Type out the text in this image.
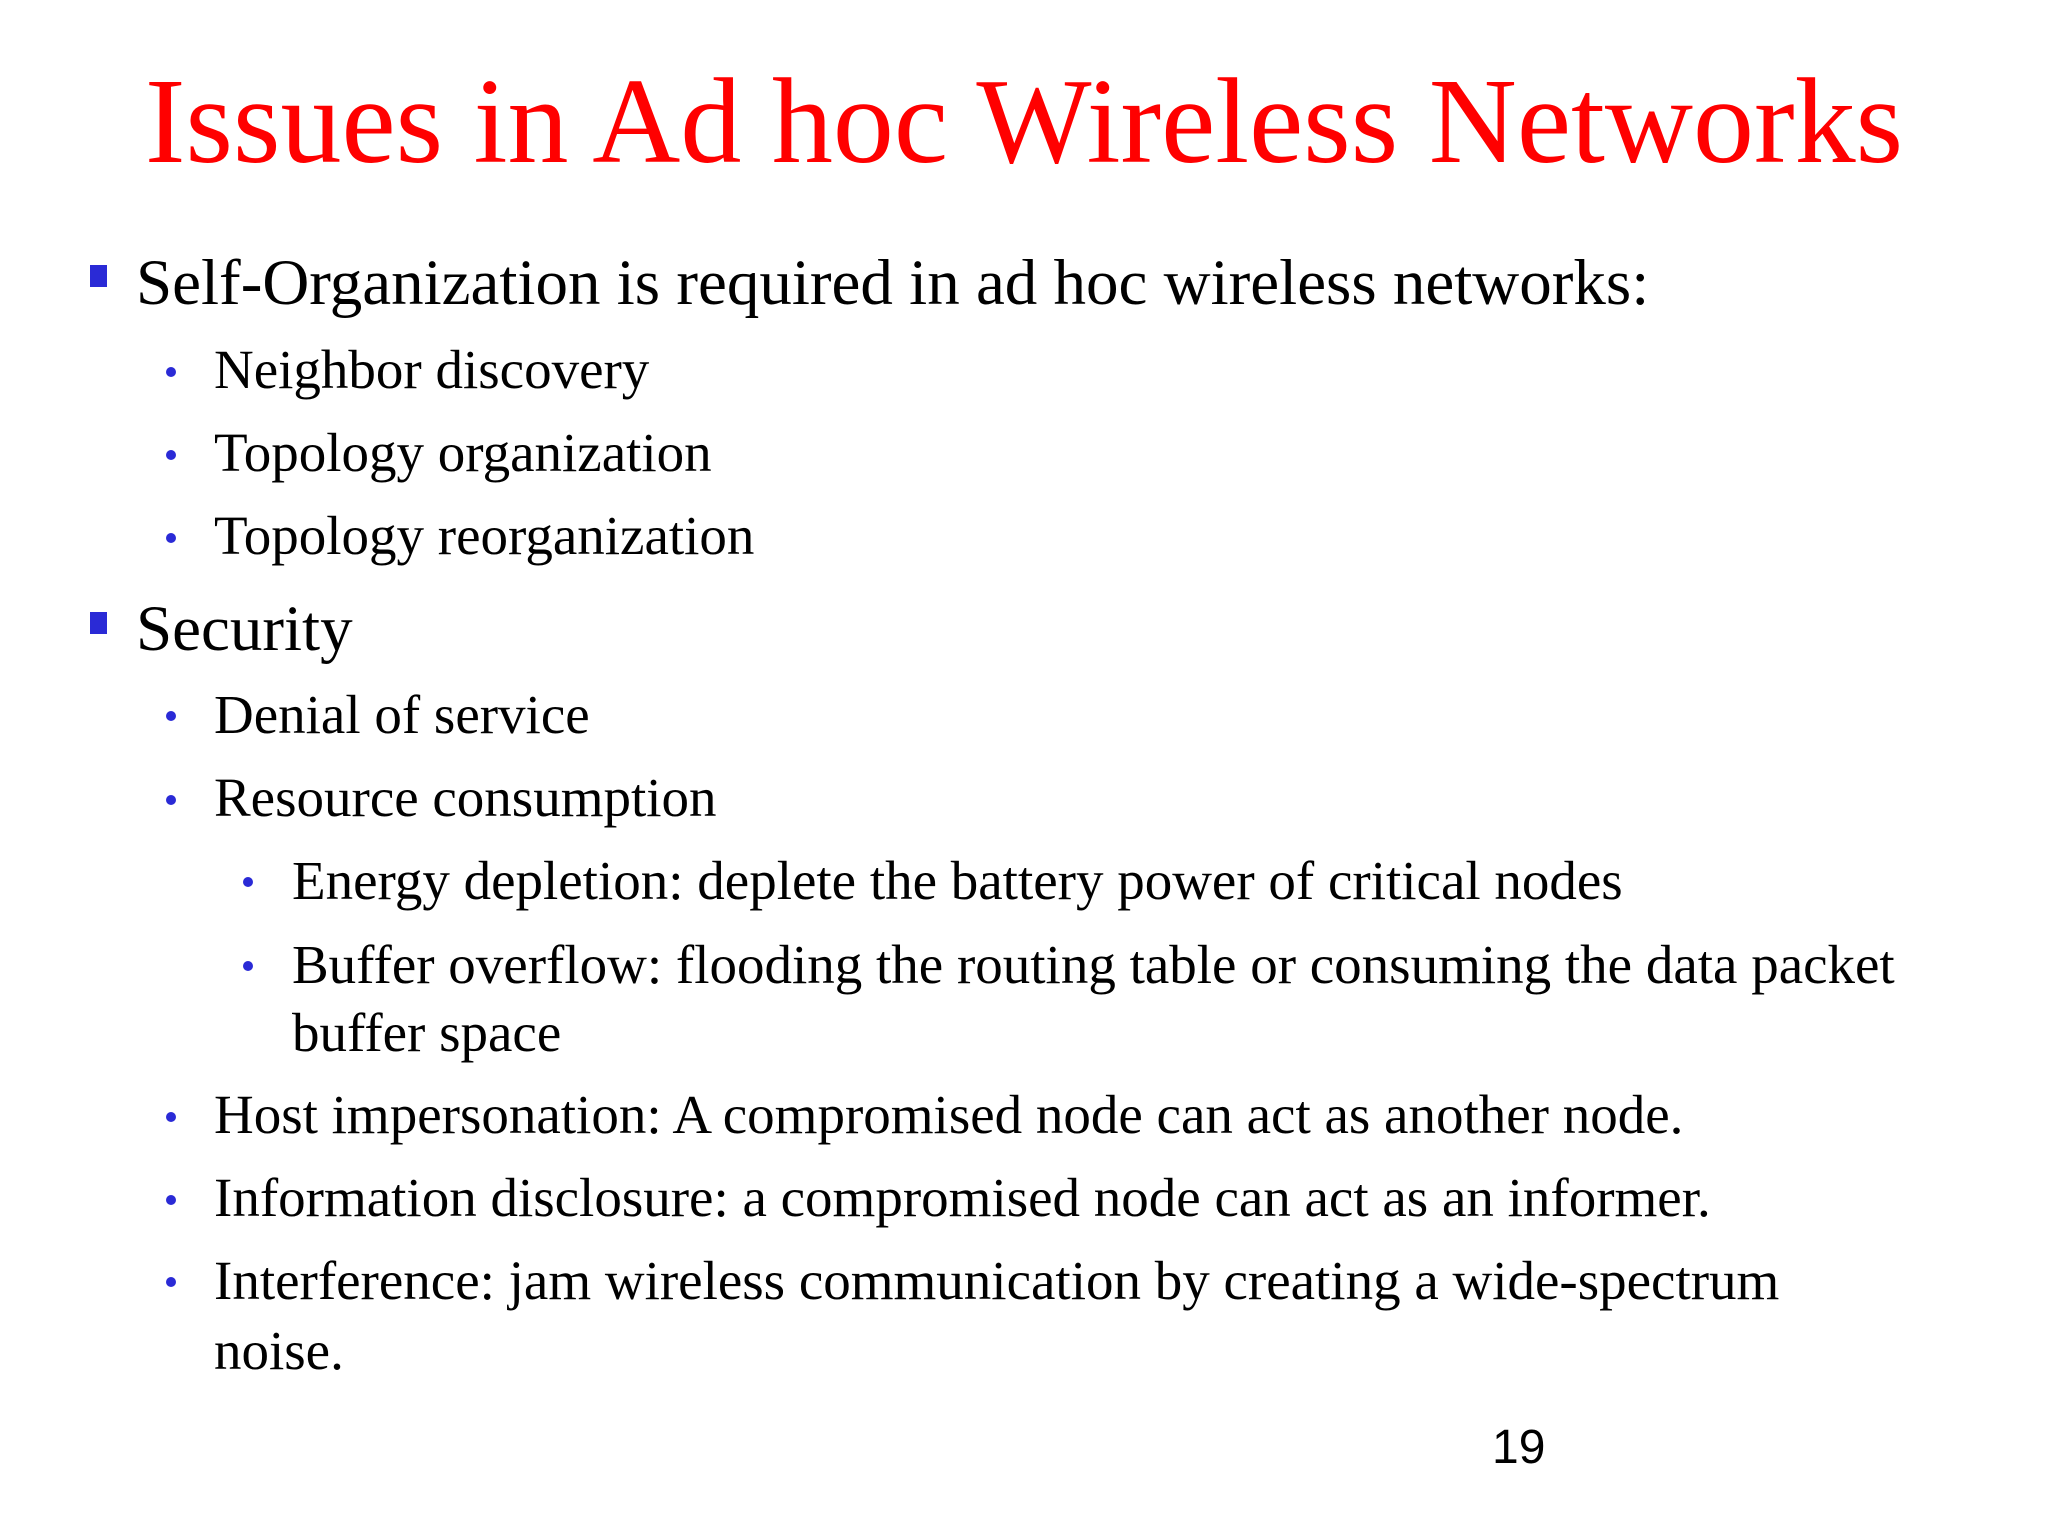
Issues in Ad hoc Wireless Networks
Self-Organization is required in ad hoc wireless networks:
Neighbor discovery
Topology organization
Topology reorganization
Security
Denial of service
Resource consumption
Energy depletion: deplete the battery power of critical nodes
Buffer overflow: flooding the routing table or consuming the data packet
buffer space
Host impersonation: A compromised node can act as another node.
Information disclosure: a compromised node can act as an informer.
Interference: jam wireless communication by creating a wide-spectrum
noise.
19
